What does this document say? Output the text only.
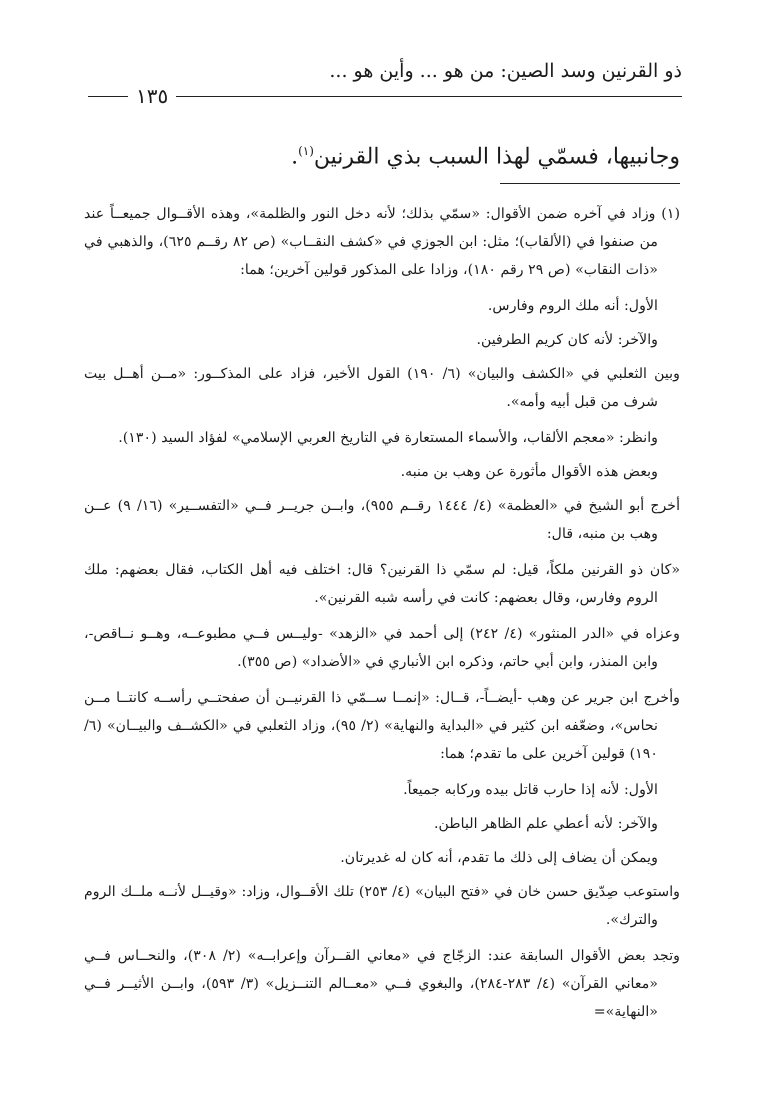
ذو القرنين وسد الصين: من هو ... وأين هو ...
١٣٥
وجانبيها، فسمّي لهذا السبب بذي القرنين$^{(١)}$.

(١) وزاد في آخره ضمن الأقوال: «سمّي بذلك؛ لأنه دخل النور والظلمة»، وهذه الأقــوال جميعــاً عند من صنفوا في (الألقاب)؛ مثل: ابن الجوزي في «كشف النقــاب» (ص ٨٢ رقــم ٦٢٥)، والذهبي في «ذات النقاب» (ص ٢٩ رقم ١٨٠)، وزادا على المذكور قولين آخرين؛ هما:

الأول: أنه ملك الروم وفارس.

والآخر: لأنه كان كريم الطرفين.

وبين الثعلبي في «الكشف والبيان» (٦/ ١٩٠) القول الأخير، فزاد على المذكــور: «مــن أهــل بيت شرف من قبل أبيه وأمه».

وانظر: «معجم الألقاب، والأسماء المستعارة في التاريخ العربي الإسلامي» لفؤاد السيد (١٣٠).

وبعض هذه الأقوال مأثورة عن وهب بن منبه.

أخرج أبو الشيخ في «العظمة» (٤/ ١٤٤٤ رقــم ٩٥٥)، وابــن جريــر فــي «التفســير» (١٦/ ٩) عــن وهب بن منبه، قال:

«كان ذو القرنين ملكاً، قيل: لم سمّي ذا القرنين؟ قال: اختلف فيه أهل الكتاب، فقال بعضهم: ملك الروم وفارس، وقال بعضهم: كانت في رأسه شبه القرنين».

وعزاه في «الدر المنثور» (٤/ ٢٤٢) إلى أحمد في «الزهد» -وليــس فــي مطبوعــه، وهــو نــاقص-، وابن المنذر، وابن أبي حاتم، وذكره ابن الأنباري في «الأضداد» (ص ٣٥٥).

وأخرج ابن جرير عن وهب -أيضــاً-، قــال: «إنمــا ســمّي ذا القرنيــن أن صفحتــي رأســه كانتــا مــن نحاس»، وضعّفه ابن كثير في «البداية والنهاية» (٢/ ٩٥)، وزاد الثعلبي في «الكشــف والبيــان» (٦/ ١٩٠) قولين آخرين على ما تقدم؛ هما:

الأول: لأنه إذا حارب قاتل بيده وركابه جميعاً.

والآخر: لأنه أعطي علم الظاهر الباطن.

ويمكن أن يضاف إلى ذلك ما تقدم، أنه كان له غديرتان.

واستوعب صِدّيق حسن خان في «فتح البيان» (٤/ ٢٥٣) تلك الأقــوال، وزاد: «وقيــل لأنــه ملــك الروم والترك».

وتجد بعض الأقوال السابقة عند: الزجّاج في «معاني القــرآن وإعرابــه» (٢/ ٣٠٨)، والنحــاس فــي «معاني القرآن» (٤/ ٢٨٣-٢٨٤)، والبغوي فــي «معــالم التنــزيل» (٣/ ٥٩٣)، وابــن الأثيــر فــي «النهاية»=
